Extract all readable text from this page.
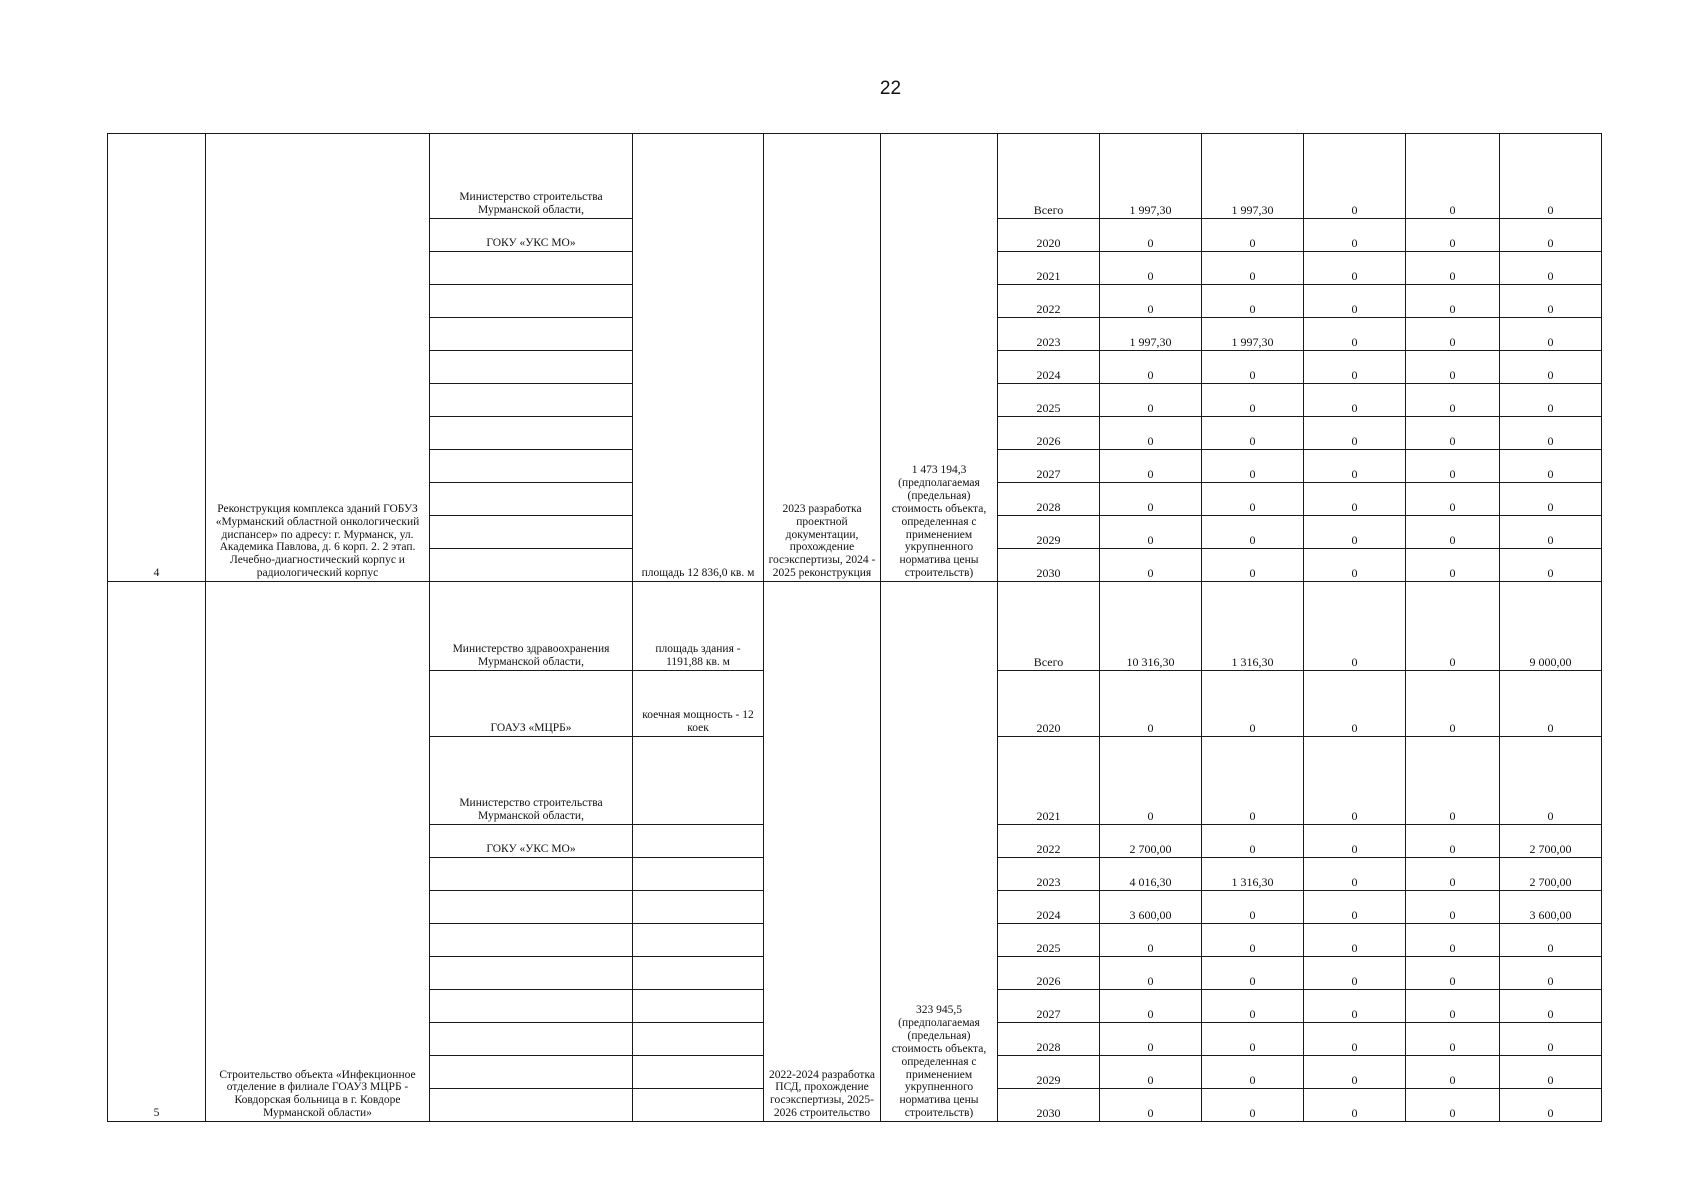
22
4	Реконструкция комплекса зданий ГОБУЗ «Мурманский областной онкологический диспансер» по адресу: г. Мурманск, ул. Академика Павлова, д. 6 корп. 2. 2 этап. Лечебно-диагностический корпус и радиологический корпус	Министерство строительства Мурманской области,	площадь 12 836,0 кв. м	2023 разработка проектной документации, прохождение госэкспертизы, 2024 - 2025 реконструкция	1 473 194,3 (предполагаемая (предельная) стоимость объекта, определенная с применением укрупненного норматива цены строительств)	Всего	1 997,30	1 997,30	0	0	0
		ГОКУ «УКС МО»				2020	0	0	0	0	0
						2021	0	0	0	0	0
						2022	0	0	0	0	0
						2023	1 997,30	1 997,30	0	0	0
						2024	0	0	0	0	0
						2025	0	0	0	0	0
						2026	0	0	0	0	0
						2027	0	0	0	0	0
						2028	0	0	0	0	0
						2029	0	0	0	0	0
						2030	0	0	0	0	0
5	Строительство объекта «Инфекционное отделение в филиале ГОАУЗ МЦРБ - Ковдорская больница в г. Ковдоре Мурманской области»	Министерство здравоохранения Мурманской области,	площадь здания - 1191,88 кв. м	2022-2024 разработка ПСД, прохождение госэкспертизы, 2025-2026 строительство	323 945,5 (предполагаемая (предельная) стоимость объекта, определенная с применением укрупненного норматива цены строительств)	Всего	10 316,30	1 316,30	0	0	9 000,00
		ГОАУЗ «МЦРБ»	коечная мощность - 12 коек			2020	0	0	0	0	0
		Министерство строительства Мурманской области,				2021	0	0	0	0	0
		ГОКУ «УКС МО»				2022	2 700,00	0	0	0	2 700,00
						2023	4 016,30	1 316,30	0	0	2 700,00
						2024	3 600,00	0	0	0	3 600,00
						2025	0	0	0	0	0
						2026	0	0	0	0	0
						2027	0	0	0	0	0
						2028	0	0	0	0	0
						2029	0	0	0	0	0
						2030	0	0	0	0	0
